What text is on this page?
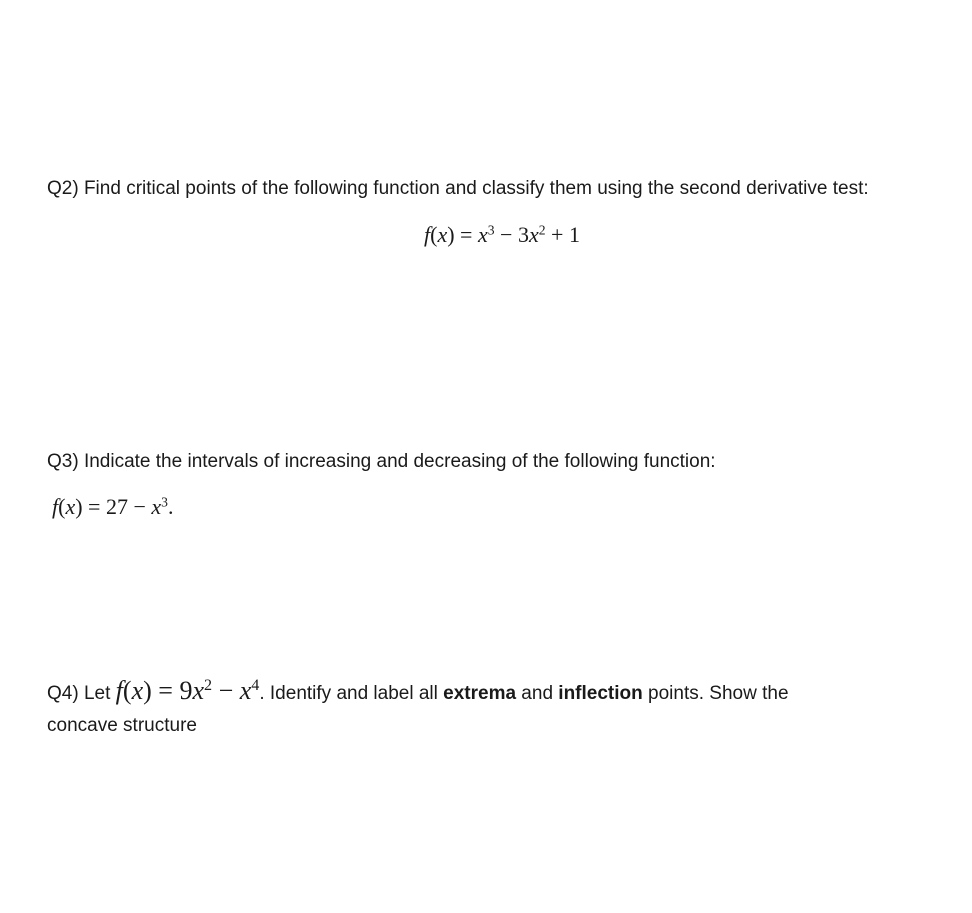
Q2) Find critical points of the following function and classify them using the second derivative test:
$f(x) = x^3 - 3x^2 + 1$
Q3) Indicate the intervals of increasing and decreasing of the following function:
$f(x) = 27 - x^3$.
Q4) Let $f(x) = 9x^2 - x^4$. Identify and label all extrema and inflection points. Show the
concave structure
